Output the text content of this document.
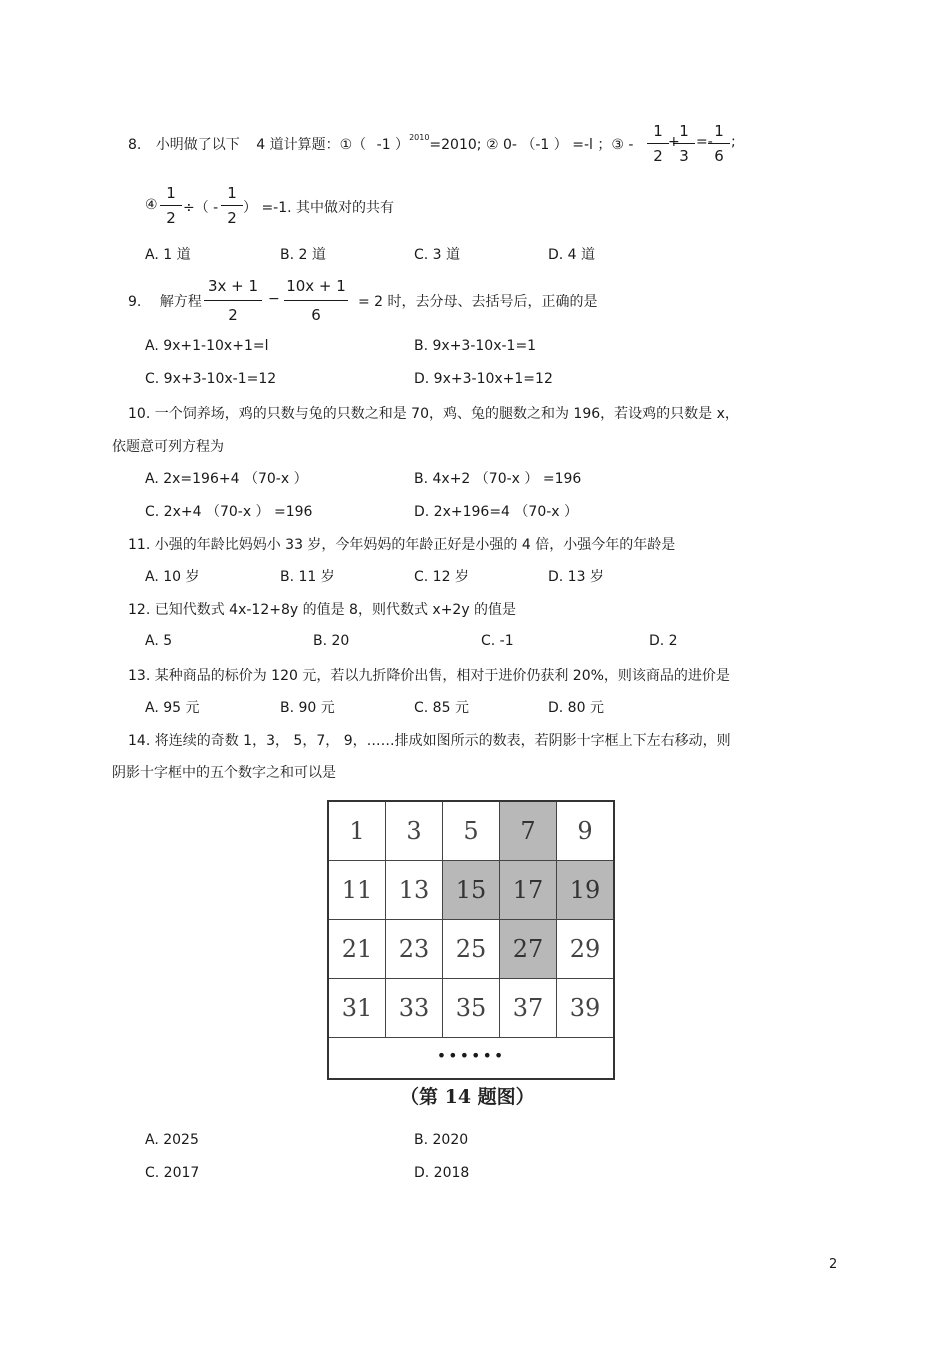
8. 小明做了以下 4 道计算题：①（ -1 ）$^{2010}$=2010; ② 0- （-1 ） =-l ；③ -
1
2
+
1
3
=-
1
6
;
④
1
2
÷（ -
1
2
） =-1. 其中做对的共有
A. 1 道	B. 2 道	C. 3 道	D. 4 道
9. 解方程
3x + 1
2
−
10x + 1
6
= 2 时，去分母、去括号后，正确的是
A. 9x+1-10x+1=l	B. 9x+3-10x-1=1
C. 9x+3-10x-1=12	D. 9x+3-10x+1=12
10. 一个饲养场，鸡的只数与兔的只数之和是 70，鸡、兔的腿数之和为 196，若设鸡的只数是 x，
依题意可列方程为
A. 2x=196+4 （70-x ）	B. 4x+2 （70-x ） =196
C. 2x+4 （70-x ） =196	D. 2x+196=4 （70-x ）
11. 小强的年龄比妈妈小 33 岁，今年妈妈的年龄正好是小强的 4 倍，小强今年的年龄是
A. 10 岁	B. 11 岁	C. 12 岁	D. 13 岁
12. 已知代数式 4x-12+8y 的值是 8，则代数式 x+2y 的值是
A. 5	B. 20	C. -1	D. 2
13. 某种商品的标价为 120 元，若以九折降价出售，相对于进价仍获利 20%，则该商品的进价是
A. 95 元	B. 90 元	C. 85 元	D. 80 元
14. 将连续的奇数 1，3， 5，7， 9，……排成如图所示的数表，若阴影十字框上下左右移动，则
阴影十字框中的五个数字之和可以是
1	3	5	7	9
11	13	15	17	19
21	23	25	27	29
31	33	35	37	39
••••••
（第 14 题图）
A. 2025	B. 2020
C. 2017	D. 2018
2
